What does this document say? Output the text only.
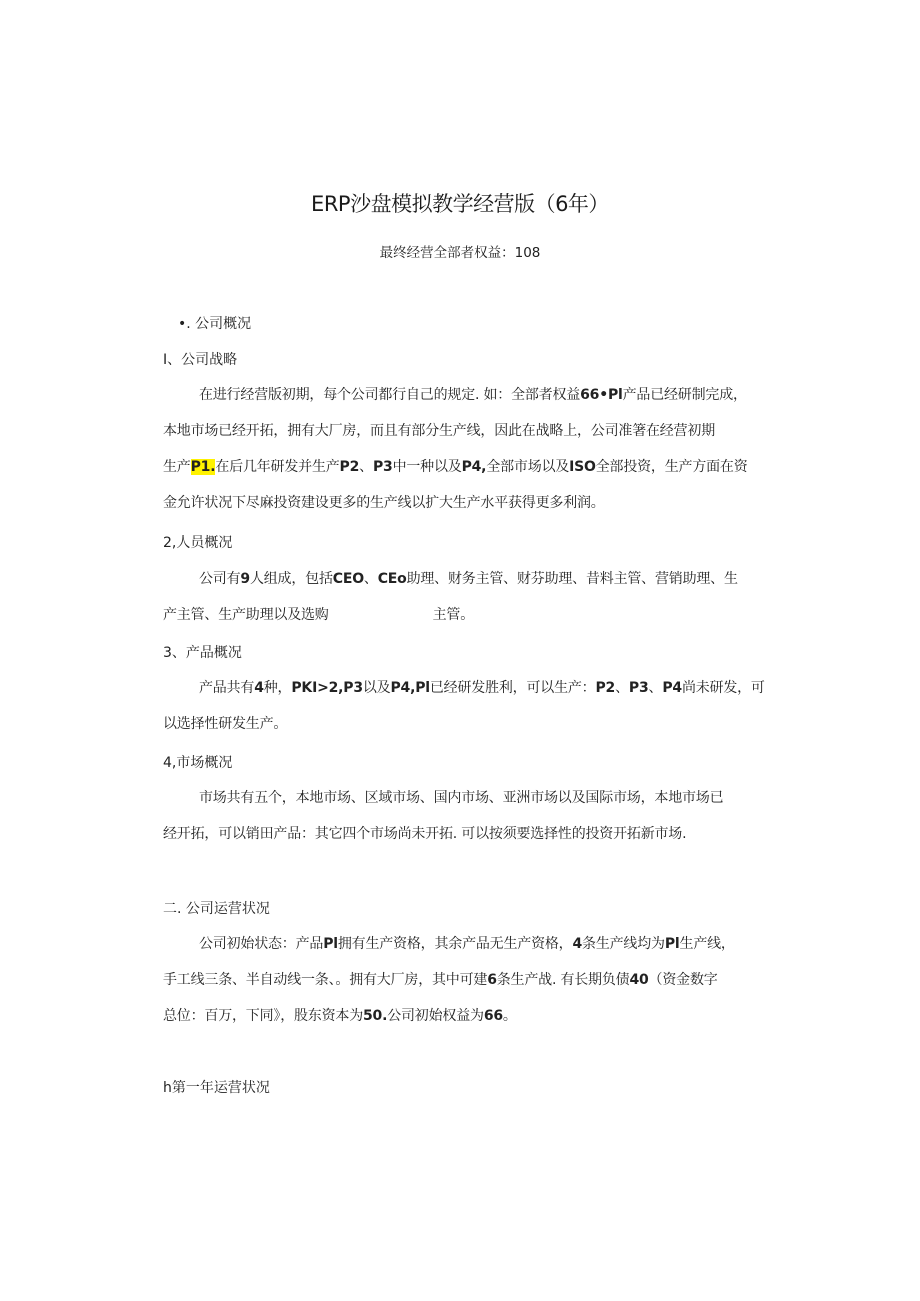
ERP沙盘模拟教学经营版（6年）
最终经营全部者权益：108
•. 公司概况
I、公司战略
在进行经营版初期，每个公司都行自己的规定. 如：全部者权益66•Pl产品已经研制完成，
本地市场已经开拓，拥有大厂房，而且有部分生产线，因此在战略上，公司准箸在经营初期
生产P1.在后几年研发并生产P2、P3中一种以及P4,全部市场以及ISO全部投资，生产方面在资
金允许状况下尽麻投资建设更多的生产线以扩大生产水平获得更多利润。
2,人员概况
公司有9人组成，包括CEO、CEo助理、财务主管、财芬助理、昔料主管、营销助理、生
产主管、生产助理以及选购	主管。
3、产品概况
产品共有4种，PKI>2,P3以及P4,Pl已经研发胜利，可以生产：P2、P3、P4尚未研发，可
以选择性研发生产。
4,市场概况
市场共有五个，本地市场、区域市场、国内市场、亚洲市场以及国际市场，本地市场已
经开拓，可以销田产品：其它四个市场尚未开拓. 可以按须要选择性的投资开拓新市场.
二. 公司运营状况
公司初始状态：产品Pl拥有生产资格，其余产品无生产资格，4条生产线均为Pl生产线，
手工线三条、半自动线一条、。拥有大厂房，其中可建6条生产战. 有长期负债40（资金数字
总位：百万，下同》，股东资本为50.公司初始权益为66。
h第一年运营状况
